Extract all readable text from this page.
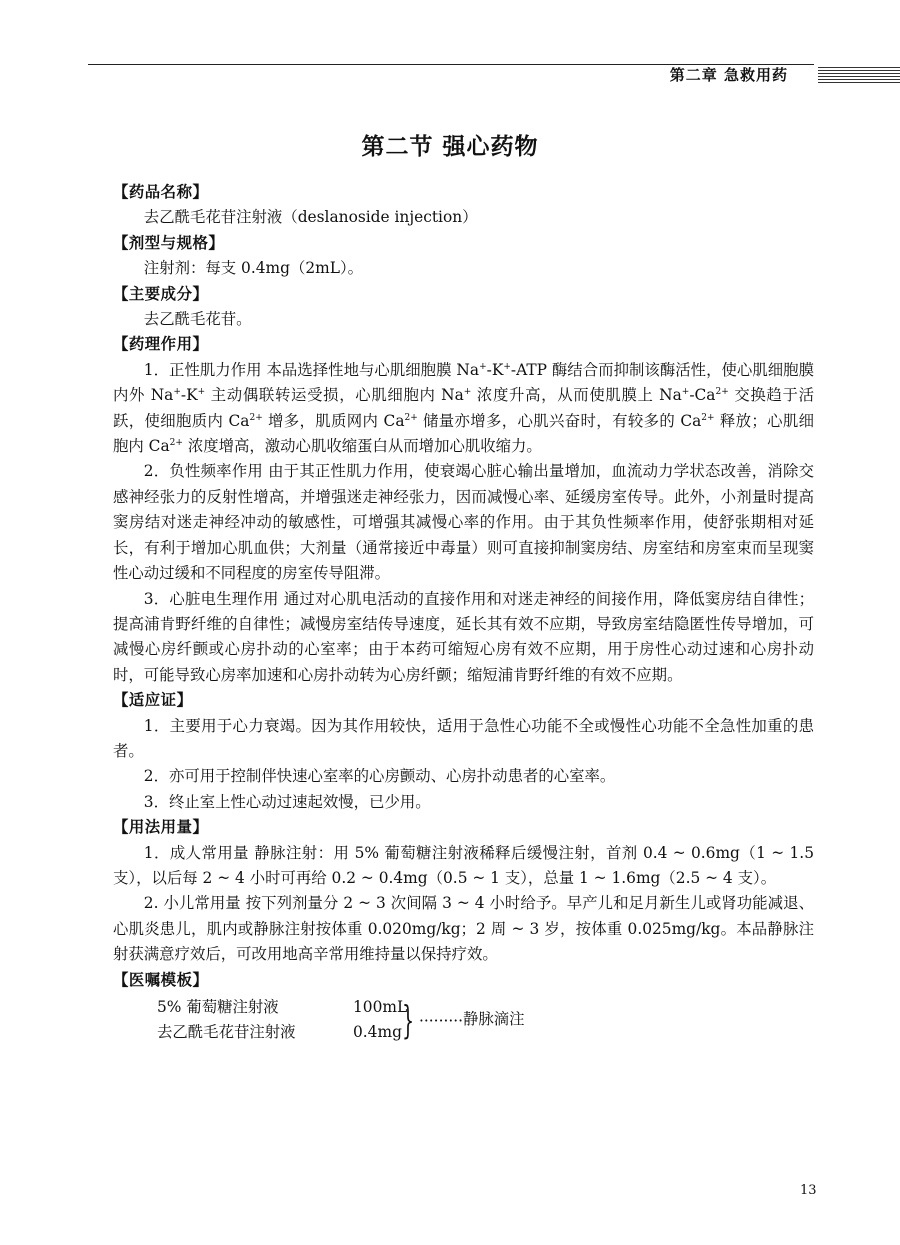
第二章 急救用药
第二节 强心药物

【药品名称】

去乙酰毛花苷注射液（deslanoside injection）

【剂型与规格】

注射剂：每支 0.4mg（2mL）。

【主要成分】

去乙酰毛花苷。

【药理作用】

1．正性肌力作用 本品选择性地与心肌细胞膜 Na+-K+-ATP 酶结合而抑制该酶活性，使心肌细胞膜内外 Na+-K+ 主动偶联转运受损，心肌细胞内 Na+ 浓度升高，从而使肌膜上 $Na^+-Ca^{2+}$ 交换趋于活跃，使细胞质内 $Ca^{2+}$ 增多，肌质网内 $Ca^{2+}$ 储量亦增多，心肌兴奋时，有较多的 $Ca^{2+}$ 释放；心肌细胞内 $Ca^{2+}$ 浓度增高，激动心肌收缩蛋白从而增加心肌收缩力。

2．负性频率作用 由于其正性肌力作用，使衰竭心脏心输出量增加，血流动力学状态改善，消除交感神经张力的反射性增高，并增强迷走神经张力，因而减慢心率、延缓房室传导。此外，小剂量时提高窦房结对迷走神经冲动的敏感性，可增强其减慢心率的作用。由于其负性频率作用，使舒张期相对延长，有利于增加心肌血供；大剂量（通常接近中毒量）则可直接抑制窦房结、房室结和房室束而呈现窦性心动过缓和不同程度的房室传导阻滞。

3．心脏电生理作用 通过对心肌电活动的直接作用和对迷走神经的间接作用，降低窦房结自律性；提高浦肯野纤维的自律性；减慢房室结传导速度，延长其有效不应期，导致房室结隐匿性传导增加，可减慢心房纤颤或心房扑动的心室率；由于本药可缩短心房有效不应期，用于房性心动过速和心房扑动时，可能导致心房率加速和心房扑动转为心房纤颤；缩短浦肯野纤维的有效不应期。

【适应证】

1．主要用于心力衰竭。因为其作用较快，适用于急性心功能不全或慢性心功能不全急性加重的患者。

2．亦可用于控制伴快速心室率的心房颤动、心房扑动患者的心室率。

3．终止室上性心动过速起效慢，已少用。

【用法用量】

1．成人常用量 静脉注射：用 5% 葡萄糖注射液稀释后缓慢注射，首剂 0.4 ~ 0.6mg（1 ~ 1.5 支），以后每 2 ~ 4 小时可再给 0.2 ~ 0.4mg（0.5 ~ 1 支），总量 1 ~ 1.6mg（2.5 ~ 4 支）。

2. 小儿常用量 按下列剂量分 2 ~ 3 次间隔 3 ~ 4 小时给予。早产儿和足月新生儿或肾功能减退、心肌炎患儿，肌内或静脉注射按体重 0.020mg/kg；2 周 ~ 3 岁，按体重 0.025mg/kg。本品静脉注射获满意疗效后，可改用地高辛常用维持量以保持疗效。

【医嘱模板】

5% 葡萄糖注射液	100mL
去乙酰毛花苷注射液	0.4mg } ········· 静脉滴注
13
